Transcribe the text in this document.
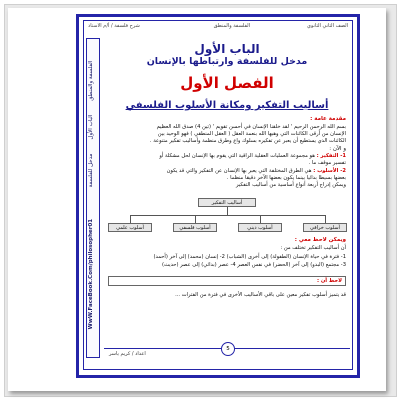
الصف الثاني الثانوي
الفلسفة والمنطق
شرح فلسفة / أ/م الاستاذ
WwW.FaceBook.Com/philosopher01                  الفلسفة والمنطق        الباب الأول        مدخل للفلسفة
الباب الأول
مدخل للفلسفة وارتباطها بالإنسان
الفصل الأول
أساليب التفكير ومكانة الأسلوب الفلسفي
مقدمة عامة :
بسم الله الرحمن الرحيم ' لقد خلقنا الإنسان في أحسن تقويم ' (تين 4) صدق الله العظيم
الإنسان من أرقى الكائنات التي وهبها الله بنعمة العقل ( العقل المنطقي ) فهو الوحيد بين
الكائنات الذي يستطيع أن يعبر عن تفكيره بسلوك واع وطرق منظمة وأساليب تفكير متنوعة .
و الآن :
1- التفكير : هو مجموعة العمليات العقلية الراقية التي يقوم بها الإنسان لحل مشكلة أو
تفسير موقف ما .
2- الأسلوب : هي الطرق المختلفة التي يعبر بها الإنسان عن التفكير والتي قد يكون
بعضها بسيطا بدائيا بينما يكون بعضها الآخر دقيقا منظما .
ويمكن إدراج أربعة أنواع أساسية من أساليب التفكير
أساليب التفكير
أسلوب خرافي
أسلوب ديني
أسلوب فلسفي
أسلوب علمي
ويمكن لاحظ معي :
أن أساليب التفكير تختلف من :
1- فترة في حياة الإنسان (الطفولة) إلى أخرى (الشباب) 2- إنسان (محمد) إلى آخر (أحمد)
3- مجتمع (البدو) إلى آخر (الحضر) في نفس العصر 4- عصر (بدائي) إلى عصر (حديث)
لاحظ أن :
قد يتميز أسلوب تفكير معين على باقي الأساليب الأخرى في فترة من الفترات ...
5
اعداد / كريم ياسر
